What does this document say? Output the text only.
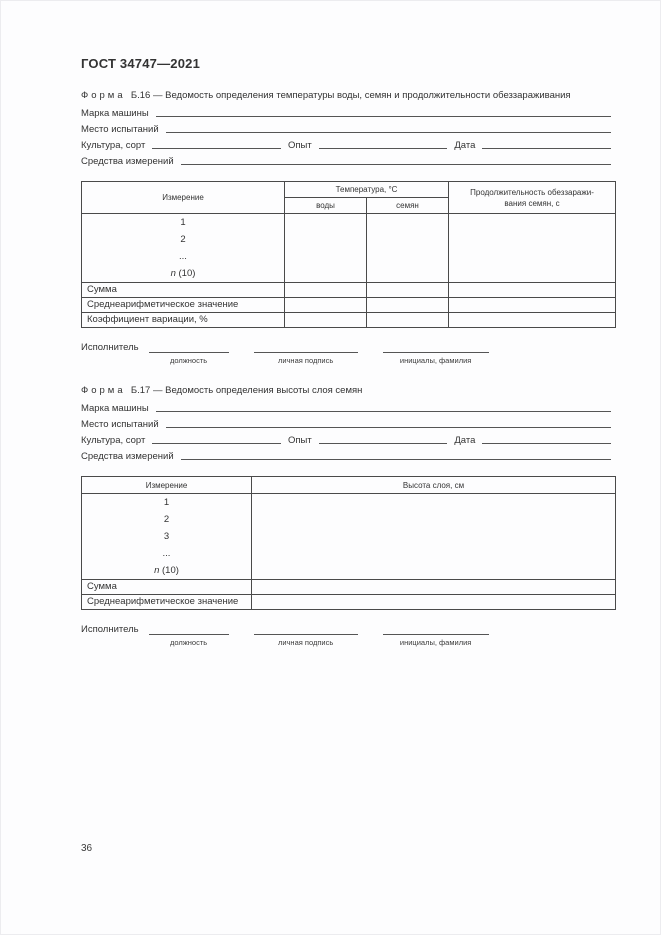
ГОСТ 34747—2021
Форма Б.16 — Ведомость определения температуры воды, семян и продолжительности обеззараживания
Марка машины
Место испытаний
Культура, сорт	Опыт	Дата
Средства измерений
Измерение	Температура, °С		Продолжительность обеззаражи-
вания семян, с
	воды	семян	

1
2
...
n (10)			

Сумма			
Среднеарифметическое значение			
Коэффициент вариации, %			
Исполнитель
должность	личная подпись	инициалы, фамилия
Форма Б.17 — Ведомость определения высоты слоя семян
Марка машины
Место испытаний
Культура, сорт	Опыт	Дата
Средства измерений
Измерение	Высота слоя, см

1
2
3
...
n (10)	

Сумма	
Среднеарифметическое значение	
Исполнитель
должность	личная подпись	инициалы, фамилия
36
